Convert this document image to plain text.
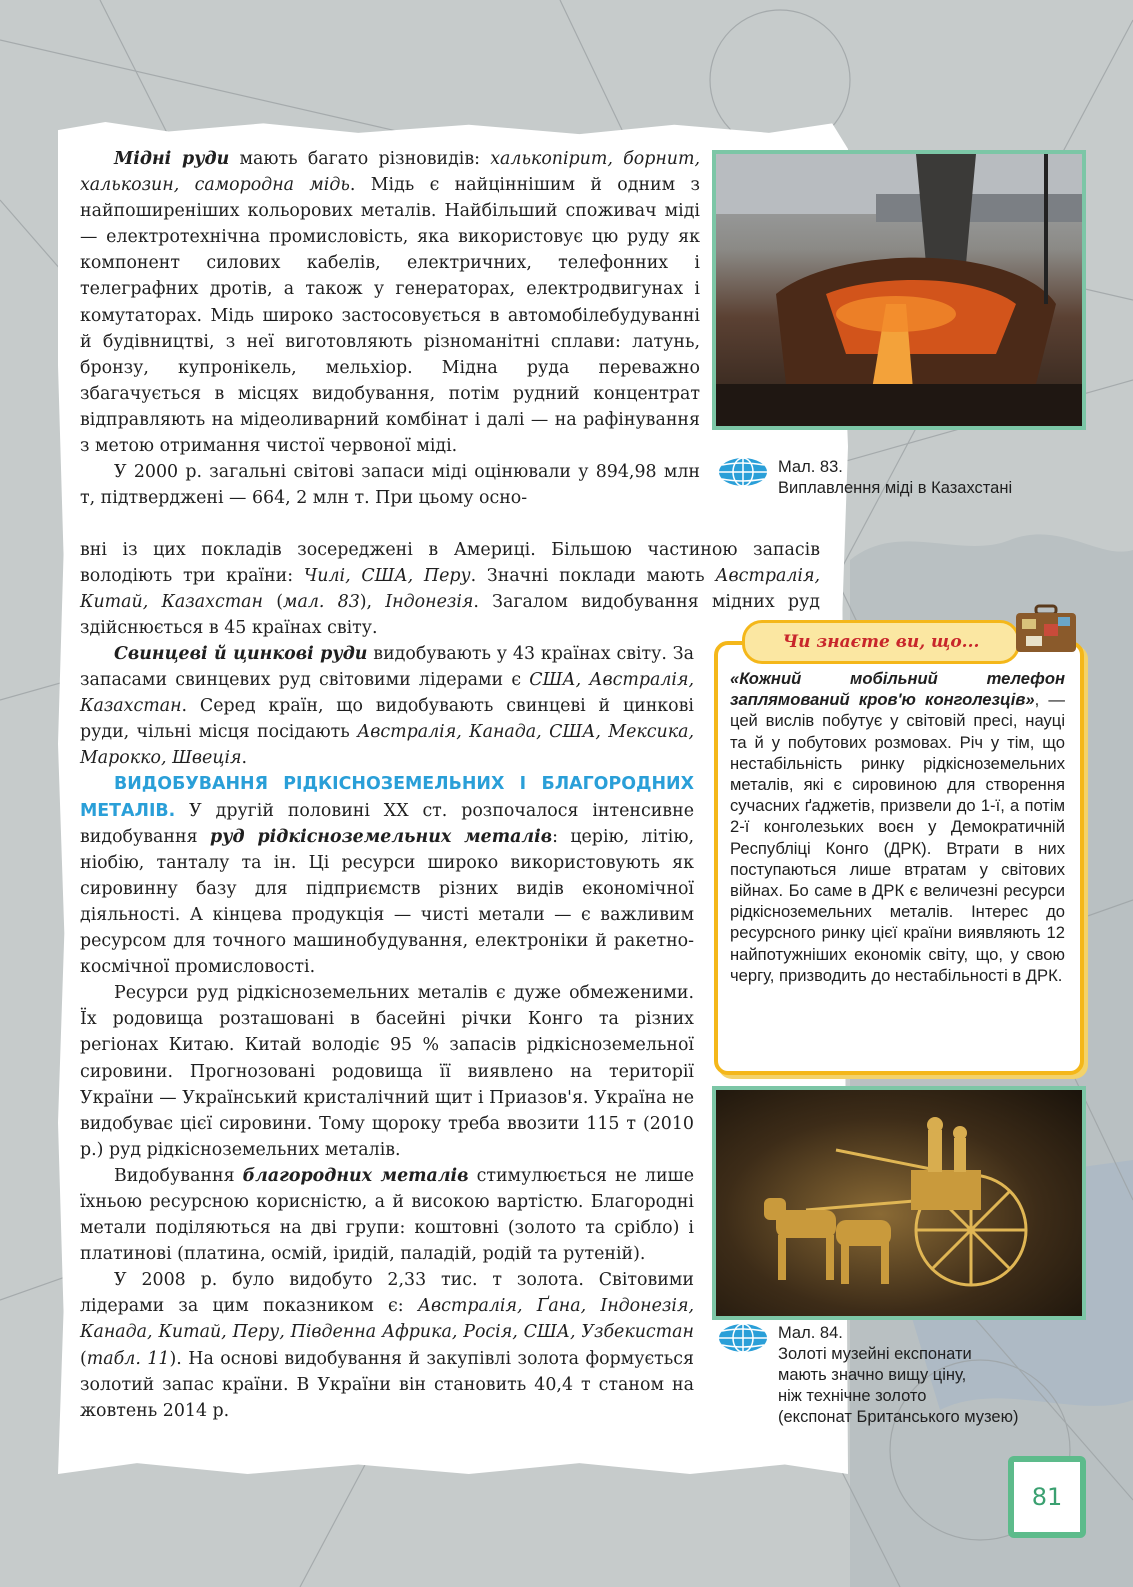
Мідні руди мають багато різновидів: халькопірит, борнит, халькозин, самородна мідь. Мідь є найціннішим й одним з найпоширеніших кольорових металів. Найбільший споживач міді — електротехнічна промисловість, яка використовує цю руду як компонент силових кабелів, електричних, телефонних і телеграфних дротів, а також у генераторах, електродвигунах і комутаторах. Мідь широко застосовується в автомобілебудуванні й будівництві, з неї виготовляють різноманітні сплави: латунь, бронзу, купронікель, мельхіор. Мідна руда переважно збагачується в місцях видобування, потім рудний концентрат відправляють на мідеоливарний комбінат і далі — на рафінування з метою отримання чистої червоної міді.

У 2000 р. загальні світові запаси міді оцінювали у 894,98 млн т, підтверджені — 664, 2 млн т. При цьому осно-

вні із цих покладів зосереджені в Америці. Більшою частиною запасів володіють три країни: Чилі, США, Перу. Значні поклади мають Австралія, Китай, Казахстан (мал. 83), Індонезія. Загалом видобування мідних руд здійснюється в 45 країнах світу.

Свинцеві й цинкові руди видобувають у 43 країнах світу. За запасами свинцевих руд світовими лідерами є США, Австралія, Казахстан. Серед країн, що видобувають свинцеві й цинкові руди, чільні місця посідають Австралія, Канада, США, Мексика, Марокко, Швеція.

ВИДОБУВАННЯ РІДКІСНОЗЕМЕЛЬНИХ І БЛАГОРОДНИХ МЕТАЛІВ. У другій половині ХХ ст. розпочалося інтенсивне видобування руд рідкісноземельних металів: церію, літію, ніобію, танталу та ін. Ці ресурси широко використовують як сировинну базу для підприємств різних видів економічної діяльності. А кінцева продукція — чисті метали — є важливим ресурсом для точного машинобудування, електроніки й ракетно-космічної промисловості.

Ресурси руд рідкісноземельних металів є дуже обмеженими. Їх родовища розташовані в басейні річки Конго та різних регіонах Китаю. Китай володіє 95 % запасів рідкісноземельної сировини. Прогнозовані родовища її виявлено на території України — Український кристалічний щит і Приазов'я. Україна не видобуває цієї сировини. Тому щороку треба ввозити 115 т (2010 р.) руд рідкісноземельних металів.

Видобування благородних металів стимулюється не лише їхньою ресурсною корисністю, а й високою вартістю. Благородні метали поділяються на дві групи: коштовні (золото та срібло) і платинові (платина, осмій, іридій, паладій, родій та рутеній).

У 2008 р. було видобуто 2,33 тис. т золота. Світовими лідерами за цим показником є: Австралія, Ґана, Індонезія, Канада, Китай, Перу, Південна Африка, Росія, США, Узбекистан (табл. 11). На основі видобування й закупівлі золота формується золотий запас країни. В України він становить 40,4 т станом на жовтень 2014 р.

Мал. 83.
Виплавлення міді в Казахстані
Чи знаєте ви, що...
«Кожний мобільний телефон заплямований кров'ю конголезців», — цей вислів побутує у світовій пресі, науці та й у побутових розмовах. Річ у тім, що нестабільність ринку рідкісноземельних металів, які є сировиною для створення сучасних ґаджетів, призвели до 1-ї, а потім 2-ї конголезьких воєн у Демократичній Республіці Конго (ДРК). Втрати в них поступаються лише втратам у світових війнах. Бо саме в ДРК є величезні ресурси рідкісноземельних металів. Інтерес до ресурсного ринку цієї країни виявляють 12 найпотужніших економік світу, що, у свою чергу, призводить до нестабільності в ДРК.
Мал. 84.
Золоті музейні експонати
мають значно вищу ціну,
ніж технічне золото
(експонат Британського музею)
81
